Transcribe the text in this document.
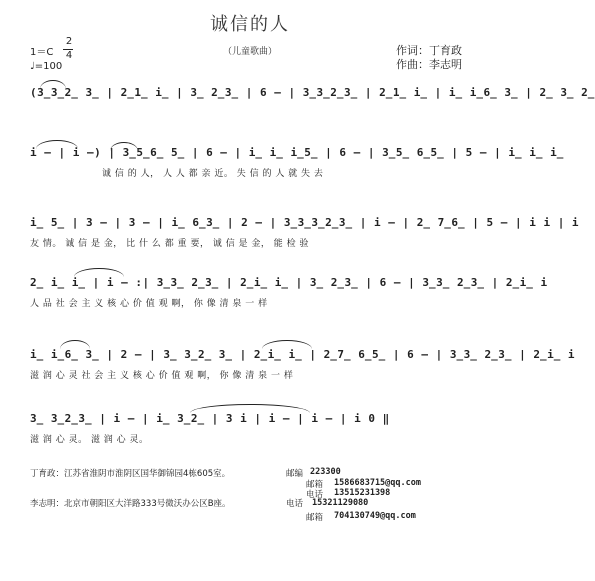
诚信的人
（儿童歌曲）
1＝C
2
4
♩=100
作词：丁育政
作曲：李志明
(3̲3̲2̲ 3̲ | 2̲1̲ i̲ | 3̲ 2̲3̲ | 6 – | 3̲3̲2̲3̲ | 2̲1̲ i̲ | i̲ i̲6̲ 3̲ | 2̲ 3̲ 2̲
i – | i –) | 3̲5̲6̲ 5̲ | 6 – | i̲ i̲ i̲5̲ | 6 – | 3̲5̲ 6̲5̲ | 5 – | i̲ i̲ i̲
诚 信 的 人， 人 人 都 亲 近。 失 信 的 人 就 失 去
i̲ 5̲ | 3 – | 3 – | i̲ 6̲3̲ | 2 – | 3̲3̲3̲2̲3̲ | i – | 2̲ 7̲6̲ | 5 – | i i | i
友 情。 诚 信 是 金， 比 什 么 都 重 要， 诚 信 是 金， 能 检 验
2̲ i̲ i̲ | i – :| 3̲3̲ 2̲3̲ | 2̲i̲ i̲ | 3̲ 2̲3̲ | 6 – | 3̲3̲ 2̲3̲ | 2̲i̲ i
人 品 社 会 主 义 核 心 价 值 观 啊， 你 像 清 泉 一 样
i̲ i̲6̲ 3̲ | 2 – | 3̲ 3̲2̲ 3̲ | 2̲i̲ i̲ | 2̲7̲ 6̲5̲ | 6 – | 3̲3̲ 2̲3̲ | 2̲i̲ i
滋 润 心 灵 社 会 主 义 核 心 价 值 观 啊， 你 像 清 泉 一 样
3̲ 3̲2̲3̲ | i – | i̲ 3̲2̲ | 3 i | i – | i – | i 0 ‖
滋 润 心 灵。 滋 润 心 灵。
丁育政：江苏省淮阴市淮阴区国华御锦园4栋605室。	邮编 223300
邮箱 1586683715@qq.com
电话 13515231398
15321129080
李志明：北京市朝阳区大洋路333号微沃办公区B座。	电话
邮箱 704130749@qq.com
